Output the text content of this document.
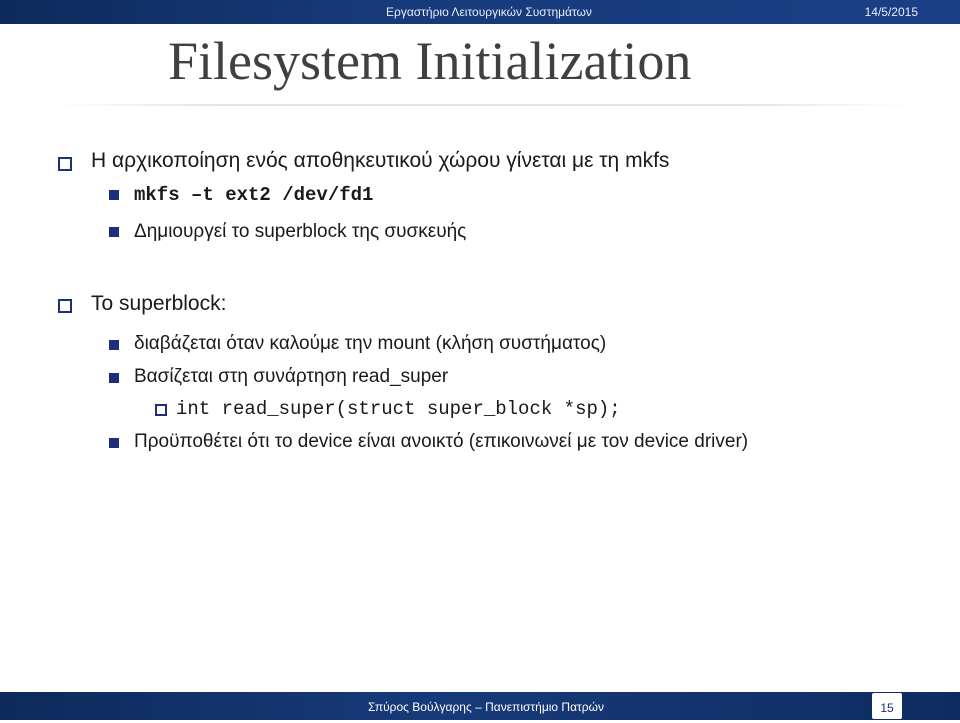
Εργαστήριο Λειτουργικών Συστημάτων	14/5/2015
Filesystem Initialization
Η αρχικοποίηση ενός αποθηκευτικού χώρου γίνεται με τη mkfs
mkfs –t ext2 /dev/fd1
Δημιουργεί το superblock της συσκευής
Το superblock:
διαβάζεται όταν καλούμε την mount (κλήση συστήματος)
Βασίζεται στη συνάρτηση read_super
int read_super(struct super_block *sp);
Προϋποθέτει ότι το device είναι ανοικτό (επικοινωνεί με τον device driver)
Σπύρος Βούλγαρης – Πανεπιστήμιο Πατρών	15
